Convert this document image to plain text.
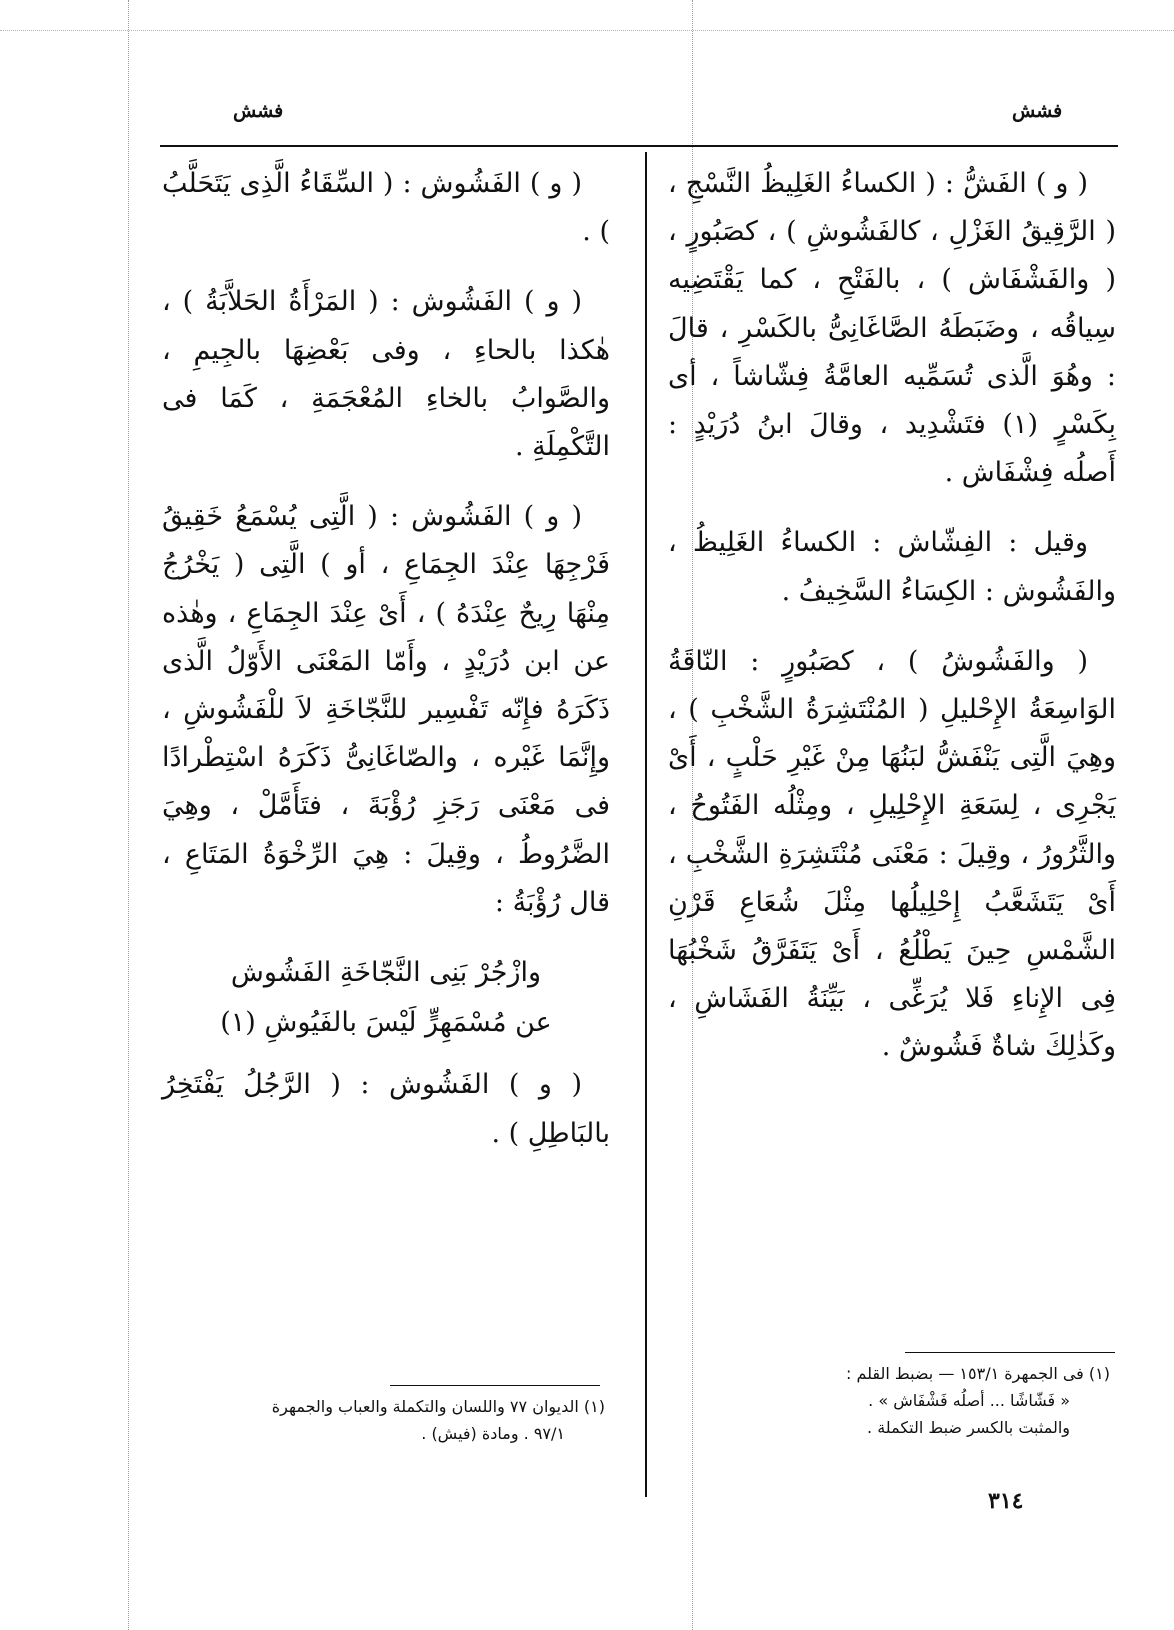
فشش
فشش

( و ) الفَشُّ : ( الكساءُ الغَلِيظُ النَّسْجِ ، ( الرَّقِيقُ الغَزْلِ ، كالفَشُوشِ ) ، كصَبُورٍ ، ( والفَشْفَاش ) ، بالفَتْحِ ، كما يَقْتَضِيه سِياقُه ، وضَبَطَهُ الصَّاغَانِىُّ بالكَسْرِ ، قالَ : وهُوَ الَّذى تُسَمِّيه العامَّةُ فِشّاشاً ، أى بِكَسْرٍ (١) فتَشْدِيد ، وقالَ ابنُ دُرَيْدٍ : أَصلُه فِشْفَاش .

وقيل : الفِشّاش : الكساءُ الغَلِيظُ ، والفَشُوش : الكِسَاءُ السَّخِيفُ .

( والفَشُوشُ ) ، كصَبُورٍ : النّاقَةُ الوَاسِعَةُ الإِحْليلِ ( المُنْتَشِرَةُ الشَّخْبِ ) ، وهِيَ الَّتِى يَنْفَشُّ لبَنُهَا مِنْ غَيْرِ حَلْبٍ ، أَىْ يَجْرِى ، لِسَعَةِ الإِحْلِيلِ ، ومِثْلُه الفَتُوحُ ، والثَّرُورُ ، وقِيلَ : مَعْنَى مُنْتَشِرَةِ الشَّخْبِ ، أَىْ يَتَشَعَّبُ إِحْلِيلُها مِثْلَ شُعَاعِ قَرْنِ الشَّمْسِ حِينَ يَطْلُعُ ، أَىْ يَتَفَرَّقُ شَخْبُهَا فِى الإِناءِ فَلا يُرَغِّى ، بَيِّنَةُ الفَشَاشِ ، وكَذٰلِكَ شاةٌ فَشُوشٌ .

(١) فى الجمهرة ١٥٣/١ — بضبط القلم :
« فَشّاشًا ... أصلُه فَشْفَاش » .
والمثبت بالكسر ضبط التكملة .

( و ) الفَشُوش : ( السِّقَاءُ الَّذِى يَتَحَلَّبُ ) .

( و ) الفَشُوش : ( المَرْأَةُ الحَلاَّبَةُ ) ، هٰكذا بالحاءِ ، وفى بَعْضِهَا بالجِيمِ ، والصَّوابُ بالخاءِ المُعْجَمَةِ ، كَمَا فى التَّكْمِلَةِ .

( و ) الفَشُوش : ( الَّتِى يُسْمَعُ خَقِيقُ فَرْجِهَا عِنْدَ الجِمَاعِ ، أو ) الَّتِى ( يَخْرُجُ مِنْهَا رِيحٌ عِنْدَهُ ) ، أَىْ عِنْدَ الجِمَاعِ ، وهٰذه عن ابن دُرَيْدٍ ، وأَمّا المَعْنَى الأَوّلُ الَّذى ذَكَرَهُ فإِنّه تَفْسِير للنَّجّاخَةِ لاَ للْفَشُوشِ ، وإِنَّمَا غَيْره ، والصّاغَانِىُّ ذَكَرَهُ اسْتِطْرادًا فى مَعْنَى رَجَزِ رُؤْبَةَ ، فتَأَمَّلْ ، وهِيَ الضَّرُوطُ ، وقِيلَ : هِيَ الرِّخْوَةُ المَتَاعِ ، قال رُؤْبَةُ :

وازْجُرْ بَنِى النَّجّاخَةِ الفَشُوش

عن مُسْمَهِرٍّ لَيْسَ بالفَيُوشِ (١)

( و ) الفَشُوش : ( الرَّجُلُ يَفْتَخِرُ بالبَاطِلِ ) .

(١) الديوان ٧٧ واللسان والتكملة والعباب والجمهرة
٩٧/١ . ومادة (فيش) .
٣١٤
